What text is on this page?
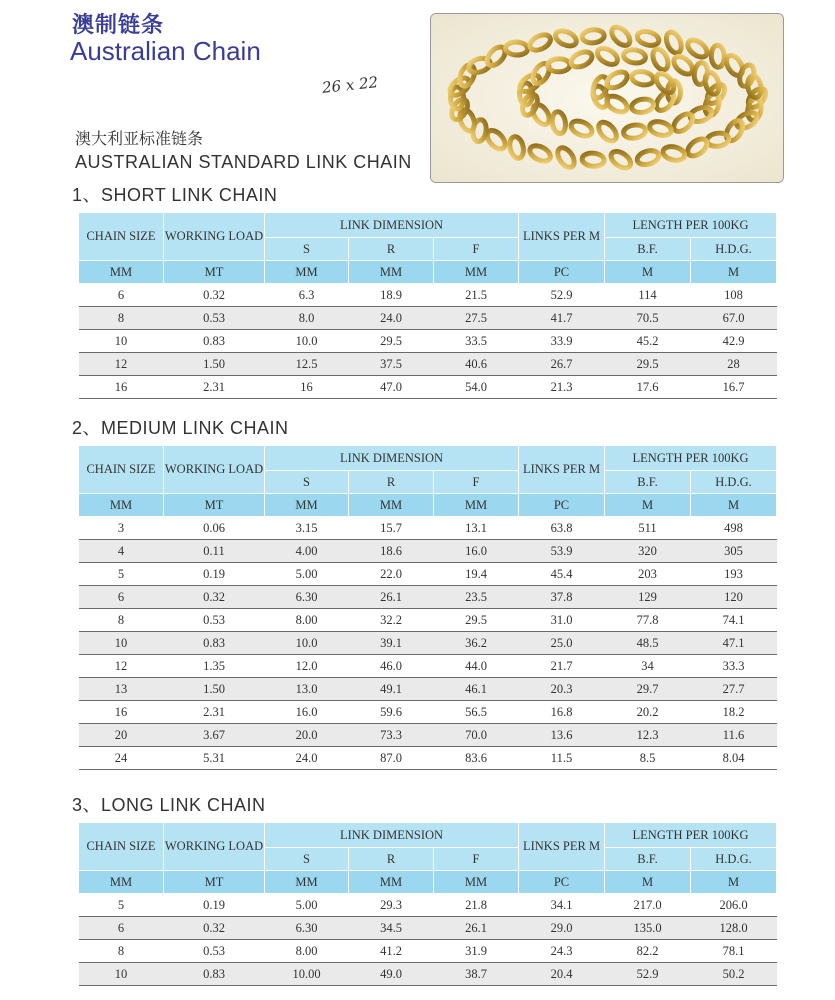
澳制链条
Australian Chain
26 x 22
澳大利亚标准链条
AUSTRALIAN STANDARD LINK CHAIN
1、SHORT LINK CHAIN
2、MEDIUM LINK CHAIN
3、LONG LINK CHAIN
CHAIN SIZE	WORKING LOAD	LINK DIMENSION			LINKS PER M	LENGTH PER 100KG	
		S	R	F		B.F.	H.D.G.
MM	MT	MM	MM	MM	PC	M	M
6	0.32	6.3	18.9	21.5	52.9	114	108
8	0.53	8.0	24.0	27.5	41.7	70.5	67.0
10	0.83	10.0	29.5	33.5	33.9	45.2	42.9
12	1.50	12.5	37.5	40.6	26.7	29.5	28
16	2.31	16	47.0	54.0	21.3	17.6	16.7
CHAIN SIZE	WORKING LOAD	LINK DIMENSION			LINKS PER M	LENGTH PER 100KG	
		S	R	F		B.F.	H.D.G.
MM	MT	MM	MM	MM	PC	M	M
3	0.06	3.15	15.7	13.1	63.8	511	498
4	0.11	4.00	18.6	16.0	53.9	320	305
5	0.19	5.00	22.0	19.4	45.4	203	193
6	0.32	6.30	26.1	23.5	37.8	129	120
8	0.53	8.00	32.2	29.5	31.0	77.8	74.1
10	0.83	10.0	39.1	36.2	25.0	48.5	47.1
12	1.35	12.0	46.0	44.0	21.7	34	33.3
13	1.50	13.0	49.1	46.1	20.3	29.7	27.7
16	2.31	16.0	59.6	56.5	16.8	20.2	18.2
20	3.67	20.0	73.3	70.0	13.6	12.3	11.6
24	5.31	24.0	87.0	83.6	11.5	8.5	8.04
CHAIN SIZE	WORKING LOAD	LINK DIMENSION			LINKS PER M	LENGTH PER 100KG	
		S	R	F		B.F.	H.D.G.
MM	MT	MM	MM	MM	PC	M	M
5	0.19	5.00	29.3	21.8	34.1	217.0	206.0
6	0.32	6.30	34.5	26.1	29.0	135.0	128.0
8	0.53	8.00	41.2	31.9	24.3	82.2	78.1
10	0.83	10.00	49.0	38.7	20.4	52.9	50.2
